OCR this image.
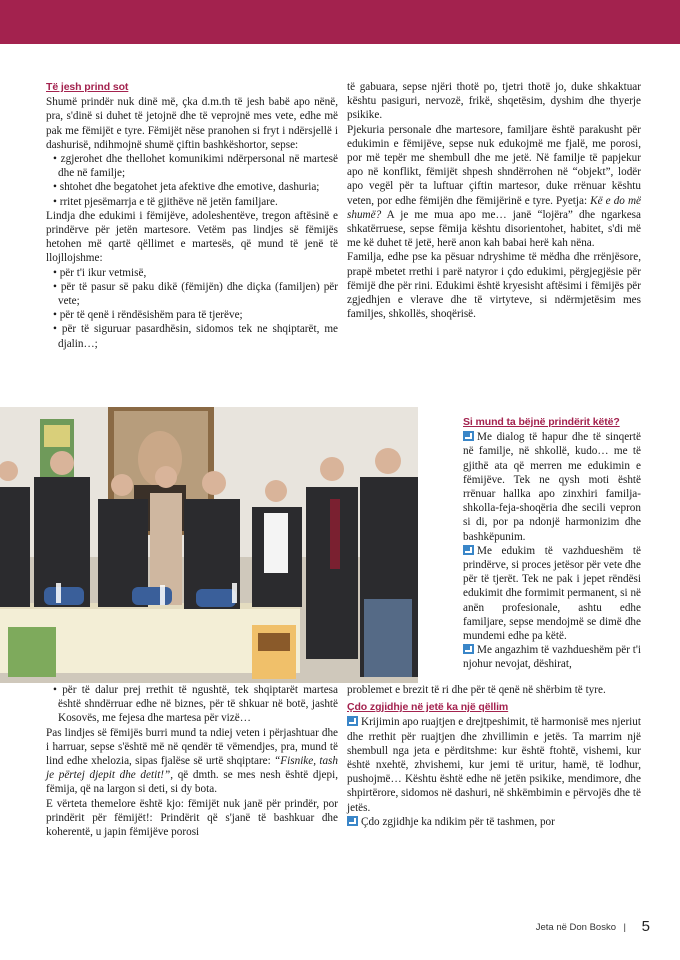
Të jesh prind sot

Shumë prindër nuk dinë më, çka d.m.th të jesh babë apo nënë, pra, s'dinë si duhet të jetojnë dhe të veprojnë mes vete, edhe më pak me fëmijët e tyre. Fëmijët nëse pranohen si fryt i ndërsjellë i dashurisë, ndihmojnë shumë çiftin bashkëshortor, sepse:

• zgjerohet dhe thellohet komunikimi ndërpersonal në martesë dhe në familje;

• shtohet dhe begatohet jeta afektive dhe emotive, dashuria;

• rritet pjesëmarrja e të gjithëve në jetën familjare.

Lindja dhe edukimi i fëmijëve, adoleshentëve, tregon aftësinë e prindërve për jetën martesore. Vetëm pas lindjes së fëmijës hetohen më qartë qëllimet e martesës, që mund të jenë të llojllojshme:

• për t'i ikur vetmisë,

• për të pasur së paku dikë (fëmijën) dhe diçka (familjen) për vete;

• për të qenë i rëndësishëm para të tjerëve;

• për të siguruar pasardhësin, sidomos tek ne shqiptarët, me djalin…;

të gabuara, sepse njëri thotë po, tjetri thotë jo, duke shkaktuar kështu pasiguri, nervozë, frikë, shqetësim, dyshim dhe thyerje psikike.

Pjekuria personale dhe martesore, familjare është parakusht për edukimin e fëmijëve, sepse nuk edukojmë me fjalë, me porosi, por më tepër me shembull dhe me jetë. Në familje të papjekur apo në konflikt, fëmijët shpesh shndërrohen në “objekt”, lodër apo vegël për ta luftuar çiftin martesor, duke rrënuar kështu veten, por edhe fëmijën dhe fëmijërinë e tyre. Pyetja: Kë e do më shumë? A je me mua apo me… janë “lojëra” dhe ngarkesa shkatërruese, sepse fëmija kështu disorientohet, habitet, s'di më me kë duhet të jetë, herë anon kah babai herë kah nëna.

Familja, edhe pse ka pësuar ndryshime të mëdha dhe rrënjësore, prapë mbetet rrethi i parë natyror i çdo edukimi, përgjegjësie për fëmijë dhe për rini. Edukimi është kryesisht aftësimi i fëmijës për zgjedhjen e vlerave dhe të virtyteve, si ndërmjetësim mes familjes, shkollës, shoqërisë.

Si mund ta bëjnë prindërit këtë?

Me dialog të hapur dhe të sinqertë në familje, në shkollë, kudo… me të gjithë ata që merren me edukimin e fëmijëve. Tek ne qysh moti është rrënuar hallka apo zinxhiri familja-shkolla-feja-shoqëria dhe secili vepron si di, por pa ndonjë harmonizim dhe bashkëpunim.

Me edukim të vazhdueshëm të prindërve, si proces jetësor për vete dhe për të tjerët. Tek ne pak i jepet rëndësi edukimit dhe formimit permanent, si në anën profesionale, ashtu edhe familjare, sepse mendojmë se dimë dhe mundemi edhe pa këtë.

Me angazhim të vazhdueshëm për t'i njohur nevojat, dëshirat,

• për të dalur prej rrethit të ngushtë, tek shqiptarët martesa është shndërruar edhe në biznes, për të shkuar në botë, jashtë Kosovës, me fejesa dhe martesa për vizë…

Pas lindjes së fëmijës burri mund ta ndiej veten i përjashtuar dhe i harruar, sepse s'është më në qendër të vëmendjes, pra, mund të lind edhe xhelozia, sipas fjalëse së urtë shqiptare: “Fisnike, tash je përtej djepit dhe detit!”, që dmth. se mes nesh është djepi, fëmija, që na largon si deti, si dy bota.

E vërteta themelore është kjo: fëmijët nuk janë për prindër, por prindërit për fëmijët!: Prindërit që s'janë të bashkuar dhe koherentë, u japin fëmijëve porosi

problemet e brezit të ri dhe për të qenë në shërbim të tyre.

Çdo zgjidhje në jetë ka një qëllim

Krijimin apo ruajtjen e drejtpeshimit, të harmonisë mes njeriut dhe rrethit për ruajtjen dhe zhvillimin e jetës. Ta marrim një shembull nga jeta e përditshme: kur është ftohtë, vishemi, kur është nxehtë, zhvishemi, kur jemi të uritur, hamë, të lodhur, pushojmë… Kështu është edhe në jetën psikike, mendimore, dhe shpirtërore, sidomos në dashuri, në shkëmbimin e përvojës dhe të jetës.

Çdo zgjidhje ka ndikim për të tashmen, por

Jeta në Don Bosko | 5
